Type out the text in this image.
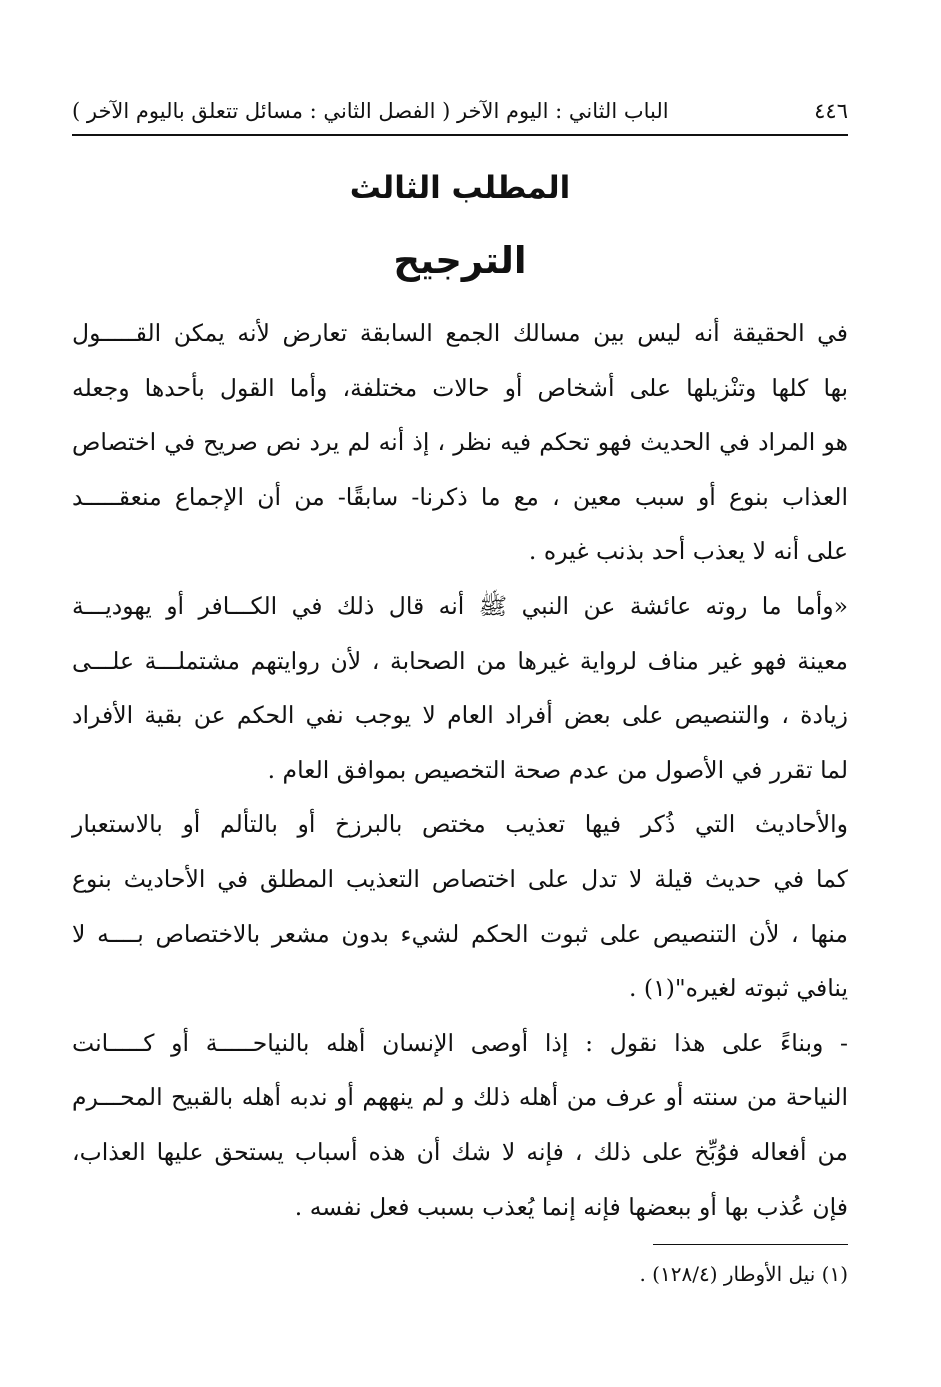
٤٤٦
الباب الثاني : اليوم الآخر ( الفصل الثاني : مسائل تتعلق باليوم الآخر )
المطلب الثالث
الترجيح

في الحقيقة أنه ليس بين مسالك الجمع السابقة تعارض لأنه يمكن القـــــول
بها كلها وتنْزيلها على أشخاص أو حالات مختلفة، وأما القول بأحدها وجعله
هو المراد في الحديث فهو تحكم فيه نظر ، إذ أنه لم يرد نص صريح في اختصاص
العذاب بنوع أو سبب معين ، مع ما ذكرنا- سابقًا- من أن الإجماع منعقـــــد
على أنه لا يعذب أحد بذنب غيره .

«وأما ما روته عائشة عن النبي ﷺ أنه قال ذلك في الكـــافر أو يهوديـــة
معينة فهو غير مناف لرواية غيرها من الصحابة ، لأن روايتهم مشتملـــة علـــى
زيادة ، والتنصيص على بعض أفراد العام لا يوجب نفي الحكم عن بقية الأفراد
لما تقرر في الأصول من عدم صحة التخصيص بموافق العام .

والأحاديث التي ذُكر فيها تعذيب مختص بالبرزخ أو بالتألم أو بالاستعبار
كما في حديث قيلة لا تدل على اختصاص التعذيب المطلق في الأحاديث بنوع
منها ، لأن التنصيص على ثبوت الحكم لشيء بدون مشعر بالاختصاص بــــه لا
ينافي ثبوته لغيره"(١) .

- وبناءً على هذا نقول : إذا أوصى الإنسان أهله بالنياحـــــة أو كـــــانت
النياحة من سنته أو عرف من أهله ذلك و لم ينههم أو ندبه أهله بالقبيح المحـــرم
من أفعاله فوُبِّخ على ذلك ، فإنه لا شك أن هذه أسباب يستحق عليها العذاب،
فإن عُذب بها أو ببعضها فإنه إنما يُعذب بسبب فعل نفسه .

(١) نيل الأوطار (١٢٨/٤) .
